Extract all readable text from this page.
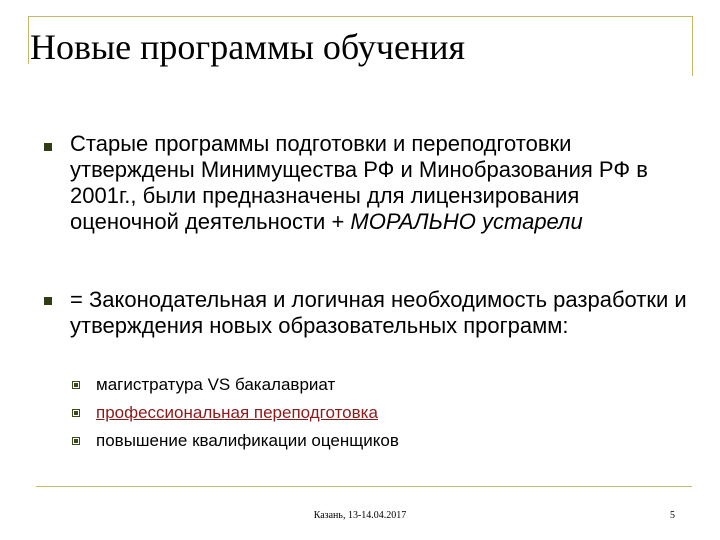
Новые программы обучения
Старые программы подготовки и переподготовки утверждены Минимущества РФ и Минобразования РФ в 2001г., были предназначены для лицензирования оценочной деятельности + МОРАЛЬНО устарели
= Законодательная и логичная необходимость разработки и утверждения новых образовательных программ:
магистратура VS бакалавриат
профессиональная переподготовка
повышение квалификации оценщиков
Казань, 13-14.04.2017	5
